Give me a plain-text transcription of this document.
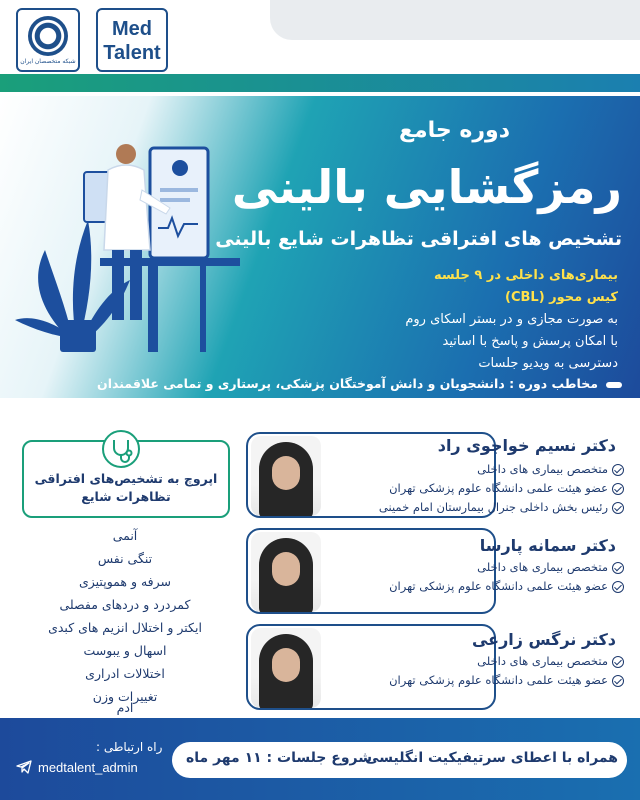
شبکه متخصصان ایران
Med
Talent
دوره جامع
رمزگشایی بالینی
تشخیص های افتراقی تظاهرات شایع بالینی
بیماری‌های داخلی در ۹ جلسه
کیس محور (CBL)
به صورت مجازی و در بستر اسکای روم
با امکان پرسش و پاسخ با اساتید
دسترسی به ویدیو جلسات
مخاطب دوره : دانشجویان و دانش آموختگان پزشکی، پرستاری و تمامی علاقمندان
اپروچ به تشخیص‌های افتراقی
تظاهرات شایع
آنمی
تنگی نفس
سرفه و هموپتیزی
کمردرد و دردهای مفصلی
ایکتر و اختلال انزیم های کبدی
اسهال و یبوست
اختلالات ادراری
تغییرات وزن
دکتر نسیم خواجوی راد
متخصص بیماری های داخلی
عضو هیئت علمی دانشگاه علوم پزشکی تهران
رئیس بخش داخلی جنرال بیمارستان امام خمینی
دکتر سمانه پارسا
متخصص بیماری های داخلی
عضو هیئت علمی دانشگاه علوم پزشکی تهران
دکتر نرگس زارعی
متخصص بیماری های داخلی
عضو هیئت علمی دانشگاه علوم پزشکی تهران
ادم
همراه با اعطای سرتیفیکیت انگلیسی
شروع جلسات : ۱۱ مهر ماه
راه ارتباطی :
medtalent_admin
